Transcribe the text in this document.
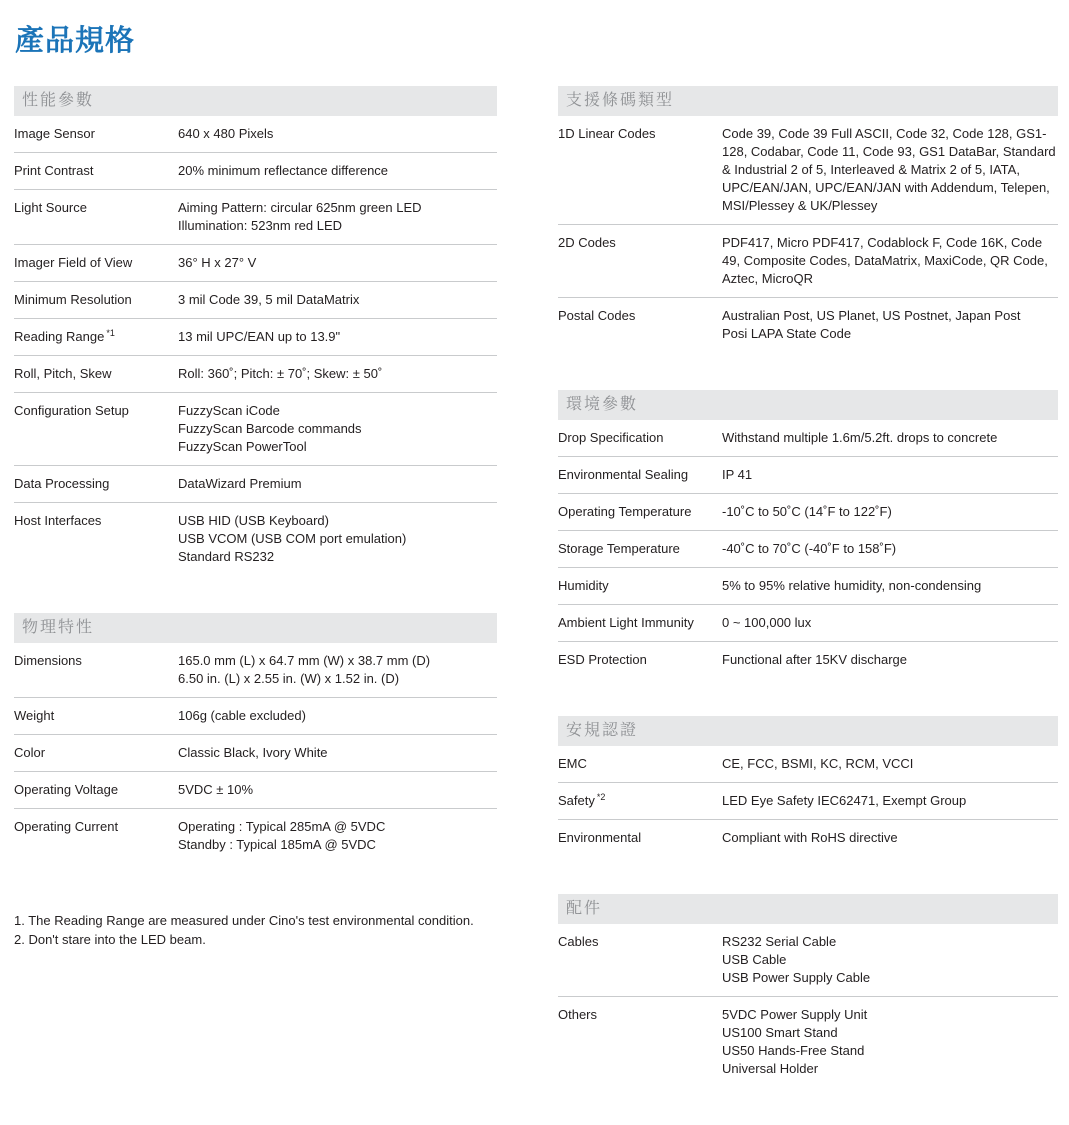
產品規格
性能參數
Image Sensor	640 x 480 Pixels
Print Contrast	20% minimum reflectance difference
Light Source	Aiming Pattern: circular 625nm green LED
Illumination: 523nm red LED
Imager Field of View	36° H x 27° V
Minimum Resolution	3 mil Code 39, 5 mil DataMatrix
Reading Range $^{*1}$	13 mil UPC/EAN up to 13.9"
Roll, Pitch, Skew	Roll: 360˚; Pitch: ± 70˚; Skew: ± 50˚
Configuration Setup	FuzzyScan iCode
FuzzyScan Barcode commands
FuzzyScan PowerTool
Data Processing	DataWizard Premium
Host Interfaces	USB HID (USB Keyboard)
USB VCOM (USB COM port emulation)
Standard RS232
物理特性
Dimensions	165.0 mm (L) x 64.7 mm (W) x 38.7 mm (D)
6.50 in. (L) x 2.55 in. (W) x 1.52 in. (D)
Weight	106g (cable excluded)
Color	Classic Black, Ivory White
Operating Voltage	5VDC ± 10%
Operating Current	Operating : Typical 285mA @ 5VDC
Standby : Typical 185mA @ 5VDC
1. The Reading Range are measured under Cino's test environmental condition.
2. Don't stare into the LED beam.
支援條碼類型
1D Linear Codes	Code 39, Code 39 Full ASCII, Code 32, Code 128, GS1-128, Codabar, Code 11, Code 93, GS1 DataBar, Standard & Industrial 2 of 5, Interleaved & Matrix 2 of 5, IATA, UPC/EAN/JAN, UPC/EAN/JAN with Addendum, Telepen, MSI/Plessey & UK/Plessey
2D Codes	PDF417, Micro PDF417, Codablock F, Code 16K, Code 49, Composite Codes, DataMatrix, MaxiCode, QR Code, Aztec, MicroQR
Postal Codes	Australian Post, US Planet, US Postnet, Japan Post
Posi LAPA State Code
環境參數
Drop Specification	Withstand multiple 1.6m/5.2ft. drops to concrete
Environmental Sealing	IP 41
Operating Temperature	-10˚C to 50˚C (14˚F to 122˚F)
Storage Temperature	-40˚C to 70˚C (-40˚F to 158˚F)
Humidity	5% to 95% relative humidity, non-condensing
Ambient Light Immunity	0 ~ 100,000 lux
ESD Protection	Functional after 15KV discharge
安規認證
EMC	CE, FCC, BSMI, KC, RCM, VCCI
Safety $^{*2}$	LED Eye Safety IEC62471, Exempt Group
Environmental	Compliant with RoHS directive
配件
Cables	RS232 Serial Cable
USB Cable
USB Power Supply Cable
Others	5VDC Power Supply Unit
US100 Smart Stand
US50 Hands-Free Stand
Universal Holder
